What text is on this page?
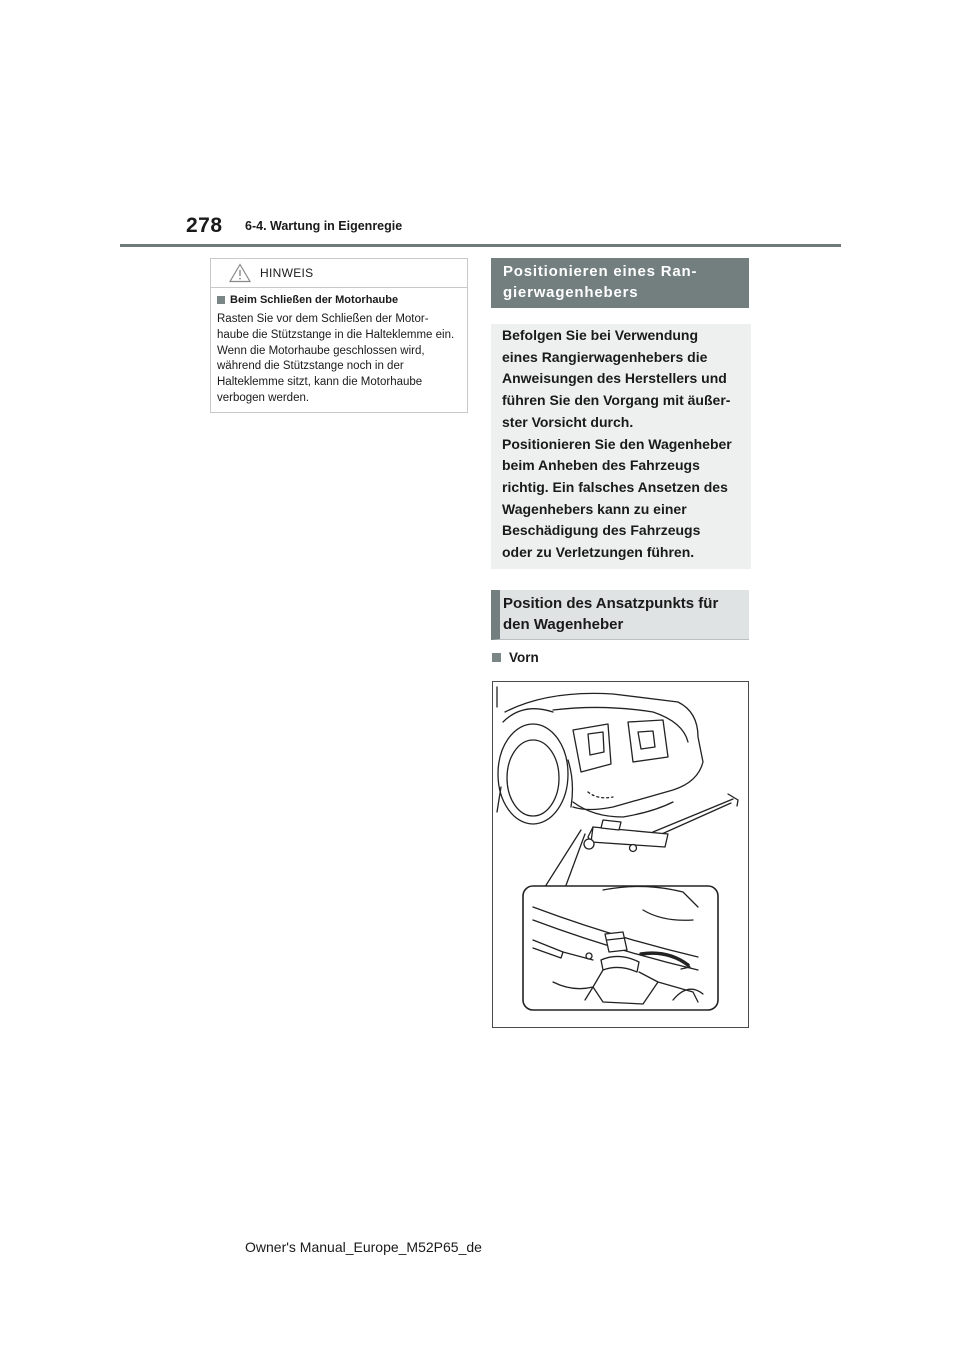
278 6-4. Wartung in Eigenregie
HINWEIS
Beim Schließen der Motorhaube
Rasten Sie vor dem Schließen der Motor-haube die Stützstange in die Halteklemme ein. Wenn die Motorhaube geschlossen wird, während die Stützstange noch in der Halteklemme sitzt, kann die Motorhaube verbogen werden.
Positionieren eines Ran-
gierwagenhebers
Befolgen Sie bei Verwendung
eines Rangierwagenhebers die
Anweisungen des Herstellers und
führen Sie den Vorgang mit äußer-
ster Vorsicht durch.
Positionieren Sie den Wagenheber
beim Anheben des Fahrzeugs
richtig. Ein falsches Ansetzen des
Wagenhebers kann zu einer
Beschädigung des Fahrzeugs
oder zu Verletzungen führen.
Position des Ansatzpunkts für
den Wagenheber
Vorn
Owner's Manual_Europe_M52P65_de
